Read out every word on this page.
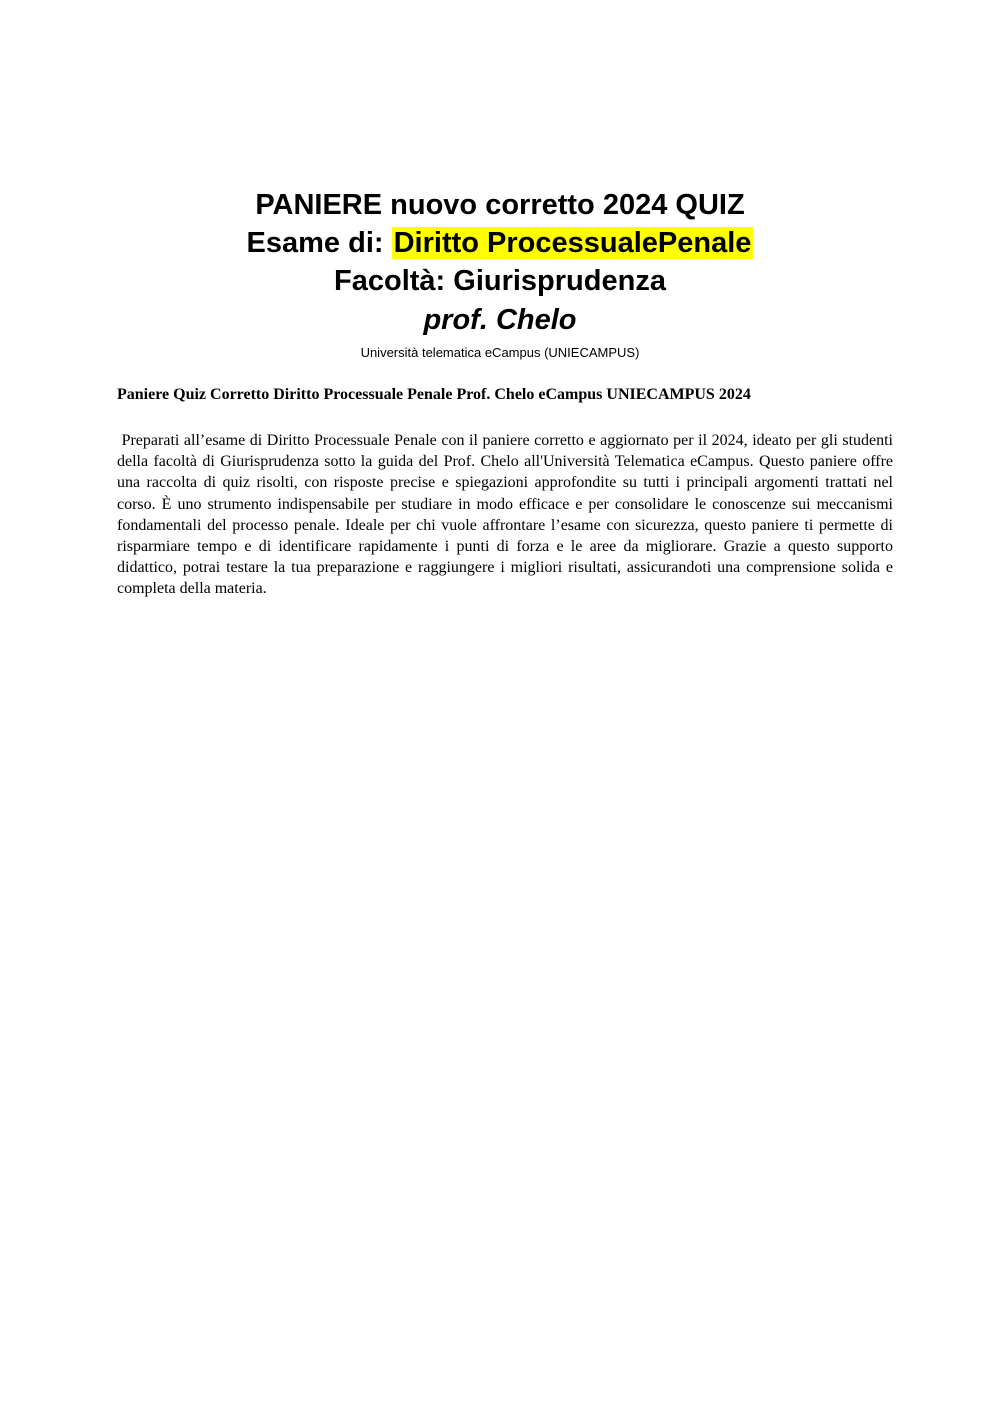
PANIERE nuovo corretto 2024 QUIZ

Esame di: Diritto ProcessualePenale

Facoltà: Giurisprudenza

prof. Chelo

Università telematica eCampus (UNIECAMPUS)

Paniere Quiz Corretto Diritto Processuale Penale Prof. Chelo eCampus UNIECAMPUS 2024

Preparati all’esame di Diritto Processuale Penale con il paniere corretto e aggiornato per il 2024, ideato per gli studenti della facoltà di Giurisprudenza sotto la guida del Prof. Chelo all'Università Telematica eCampus. Questo paniere offre una raccolta di quiz risolti, con risposte precise e spiegazioni approfondite su tutti i principali argomenti trattati nel corso. È uno strumento indispensabile per studiare in modo efficace e per consolidare le conoscenze sui meccanismi fondamentali del processo penale. Ideale per chi vuole affrontare l’esame con sicurezza, questo paniere ti permette di risparmiare tempo e di identificare rapidamente i punti di forza e le aree da migliorare. Grazie a questo supporto didattico, potrai testare la tua preparazione e raggiungere i migliori risultati, assicurandoti una comprensione solida e completa della materia.
